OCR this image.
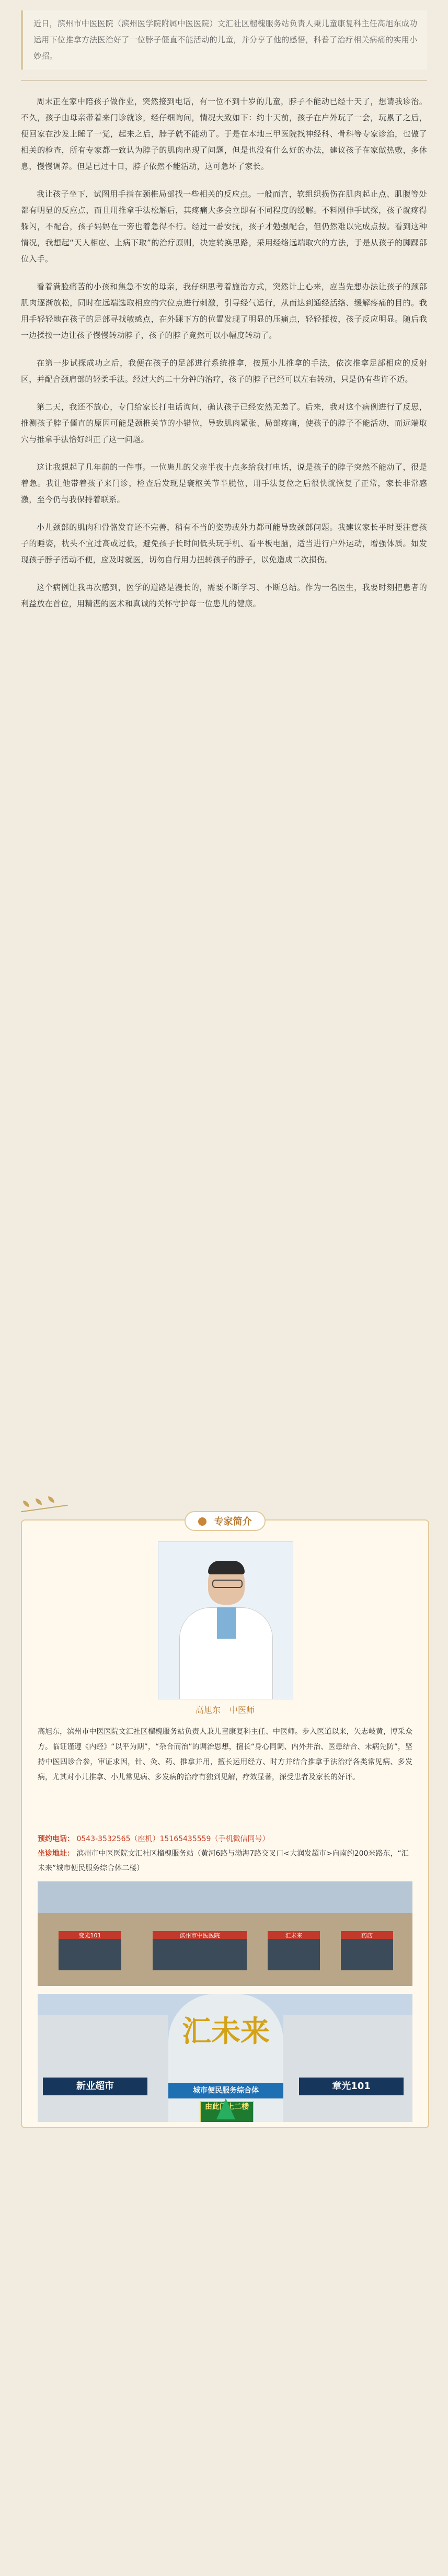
近日，滨州市中医医院（滨州医学院附属中医医院）文汇社区榴槐服务站负责人秉儿童康复科主任高旭东成功运用下位推拿方法医治好了一位脖子僵直不能活动的儿童，并分享了他的感悟，科普了治疗相关病痛的实用小妙招。

周末正在家中陪孩子做作业，突然接到电话，有一位不到十岁的儿童，脖子不能动已经十天了，想请我诊治。不久，孩子由母亲带着来门诊就诊，经仔细询问，情况大致如下：约十天前，孩子在户外玩了一会，玩累了之后，便回家在沙发上睡了一觉，起来之后，脖子就不能动了。于是在本地三甲医院找神经科、骨科等专家诊治，也做了相关的检查，所有专家都一致认为脖子的肌肉出现了问题，但是也没有什么好的办法，建议孩子在家做热敷，多休息，慢慢调养。但是已过十日，脖子依然不能活动，这可急坏了家长。

我让孩子坐下，试图用手指在颈椎局部找一些相关的反应点。一般而言，软组织损伤在肌肉起止点、肌腹等处都有明显的反应点，而且用推拿手法松解后，其疼痛大多会立即有不同程度的缓解。不料刚伸手试探，孩子就疼得躲闪，不配合，孩子妈妈在一旁也着急得不行。经过一番安抚，孩子才勉强配合，但仍然难以完成点按。看到这种情况，我想起“天人相应、上病下取”的治疗原则，决定转换思路，采用经络远端取穴的方法，于是从孩子的脚踝部位入手。

看着满脸痛苦的小孩和焦急不安的母亲，我仔细思考着施治方式，突然计上心来，应当先想办法让孩子的颈部肌肉逐渐放松，同时在远端选取相应的穴位点进行刺激，引导经气运行，从而达到通经活络、缓解疼痛的目的。我用手轻轻地在孩子的足部寻找敏感点，在外踝下方的位置发现了明显的压痛点，轻轻揉按，孩子反应明显。随后我一边揉按一边让孩子慢慢转动脖子，孩子的脖子竟然可以小幅度转动了。

在第一步试探成功之后，我便在孩子的足部进行系统推拿，按照小儿推拿的手法，依次推拿足部相应的反射区，并配合颈肩部的轻柔手法。经过大约二十分钟的治疗，孩子的脖子已经可以左右转动，只是仍有些许不适。

第二天，我还不放心，专门给家长打电话询问，确认孩子已经安然无恙了。后来，我对这个病例进行了反思，推测孩子脖子僵直的原因可能是颈椎关节的小错位，导致肌肉紧张、局部疼痛，使孩子的脖子不能活动，而远端取穴与推拿手法恰好纠正了这一问题。

这让我想起了几年前的一件事。一位患儿的父亲半夜十点多给我打电话，说是孩子的脖子突然不能动了，很是着急。我让他带着孩子来门诊，检查后发现是寰枢关节半脱位，用手法复位之后很快就恢复了正常，家长非常感激，至今仍与我保持着联系。

小儿颈部的肌肉和骨骼发育还不完善，稍有不当的姿势或外力都可能导致颈部问题。我建议家长平时要注意孩子的睡姿，枕头不宜过高或过低，避免孩子长时间低头玩手机、看平板电脑，适当进行户外运动，增强体质。如发现孩子脖子活动不便，应及时就医，切勿自行用力扭转孩子的脖子，以免造成二次损伤。

这个病例让我再次感到，医学的道路是漫长的，需要不断学习、不断总结。作为一名医生，我要时刻把患者的利益放在首位，用精湛的医术和真诚的关怀守护每一位患儿的健康。

专家简介
高旭东 中医师
高旭东，滨州市中医医院文汇社区榴槐服务站负责人兼儿童康复科主任、中医师。步入医道以来，矢志岐黄，博采众方。临证谨遵《内经》“以平为期”，“杂合而治”的调治思想，擅长“身心同调、内外并治、医患结合、未病先防”，坚持中医四诊合参，审证求因，针、灸、药、推拿并用，擅长运用经方、时方并结合推拿手法治疗各类常见病、多发病，尤其对小儿推拿、小儿常见病、多发病的治疗有独到见解，疗效显著，深受患者及家长的好评。
预约电话： 0543-3532565（座机）15165435559（手机微信同号）
坐诊地址： 滨州市中医医院文汇社区榴槐服务站（黄河6路与渤海7路交叉口<大润发超市>向南约200米路东，“汇未来”城市便民服务综合体二楼）
变光101	滨州市中医医院	汇未来	药店
新业超市	章光101
汇未来
城市便民服务综合体
由此门上二楼
